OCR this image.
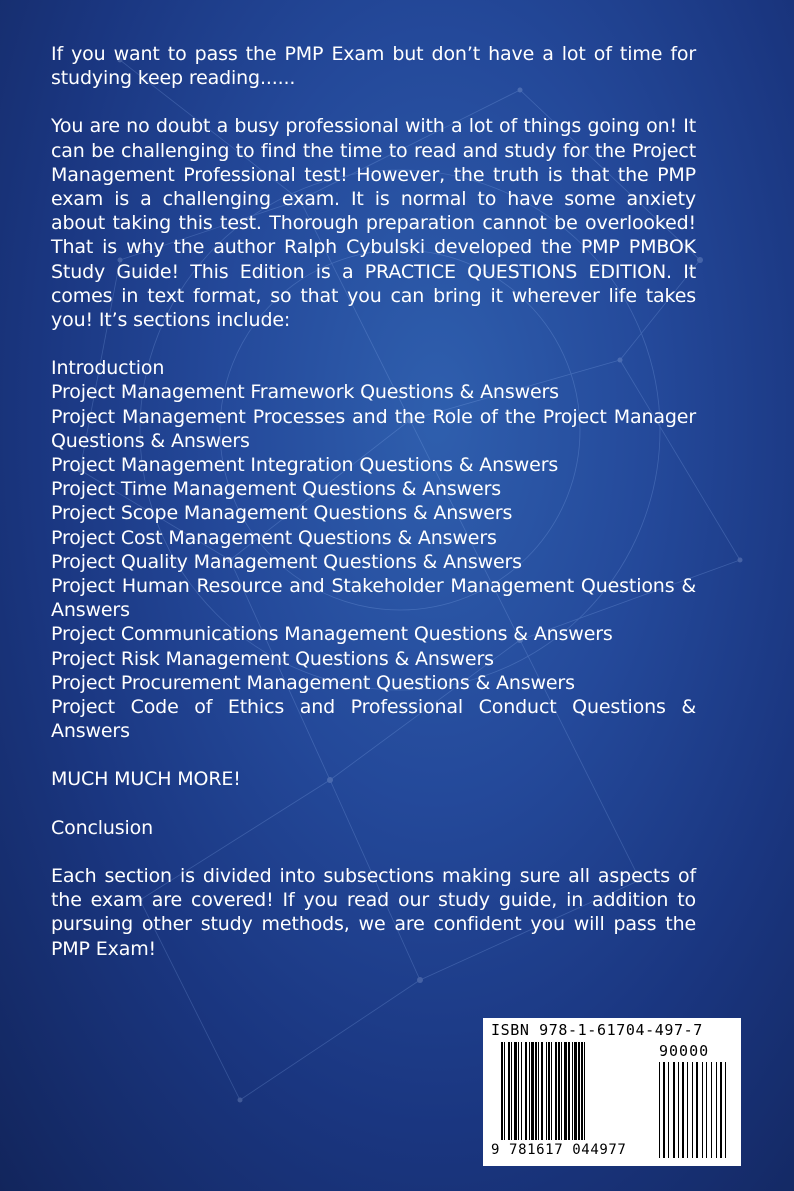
If you want to pass the PMP Exam but don’t have a lot of time for studying keep reading......

You are no doubt a busy professional with a lot of things going on! It can be challenging to find the time to read and study for the Project Management Professional test! However, the truth is that the PMP exam is a challenging exam. It is normal to have some anxiety about taking this test. Thorough preparation cannot be overlooked! That is why the author Ralph Cybulski developed the PMP PMBOK Study Guide! This Edition is a PRACTICE QUESTIONS EDITION. It comes in text format, so that you can bring it wherever life takes you! It’s sections include:

Introduction
Project Management Framework Questions & Answers
Project Management Processes and the Role of the Project Manager Questions & Answers
Project Management Integration Questions & Answers
Project Time Management Questions & Answers
Project Scope Management Questions & Answers
Project Cost Management Questions & Answers
Project Quality Management Questions & Answers
Project Human Resource and Stakeholder Management Questions & Answers
Project Communications Management Questions & Answers
Project Risk Management Questions & Answers
Project Procurement Management Questions & Answers
Project Code of Ethics and Professional Conduct Questions & Answers

MUCH MUCH MORE!

Conclusion

Each section is divided into subsections making sure all aspects of the exam are covered! If you read our study guide, in addition to pursuing other study methods, we are confident you will pass the PMP Exam!

ISBN 978-1-61704-497-7
90000
9 781617 044977
